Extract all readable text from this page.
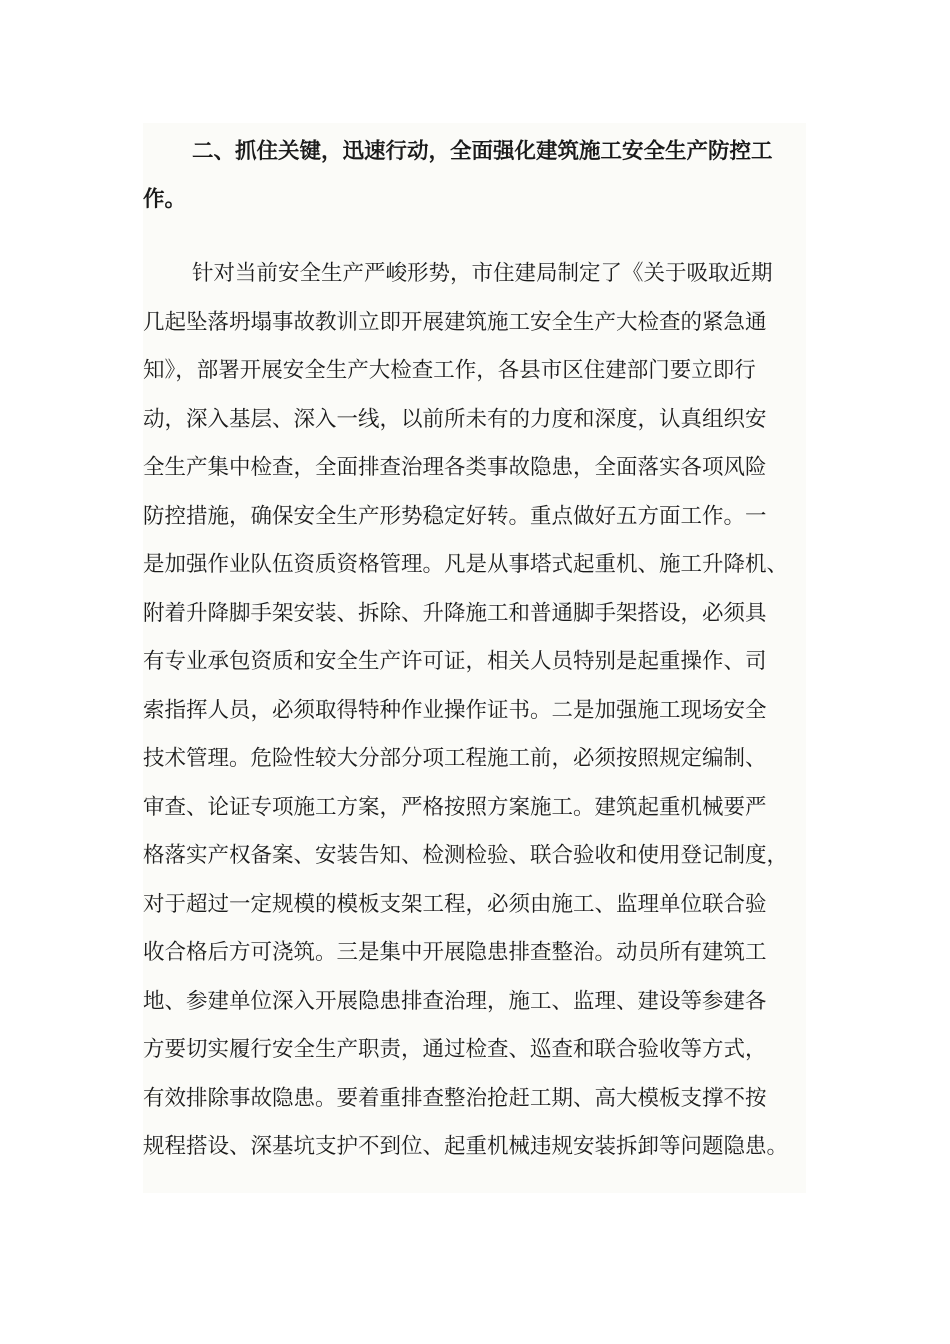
二、抓住关键，迅速行动，全面强化建筑施工安全生产防控工
作。
针对当前安全生产严峻形势，市住建局制定了《关于吸取近期
几起坠落坍塌事故教训立即开展建筑施工安全生产大检查的紧急通
知》，部署开展安全生产大检查工作，各县市区住建部门要立即行
动，深入基层、深入一线，以前所未有的力度和深度，认真组织安
全生产集中检查，全面排查治理各类事故隐患，全面落实各项风险
防控措施，确保安全生产形势稳定好转。重点做好五方面工作。一
是加强作业队伍资质资格管理。凡是从事塔式起重机、施工升降机、
附着升降脚手架安装、拆除、升降施工和普通脚手架搭设，必须具
有专业承包资质和安全生产许可证，相关人员特别是起重操作、司
索指挥人员，必须取得特种作业操作证书。二是加强施工现场安全
技术管理。危险性较大分部分项工程施工前，必须按照规定编制、
审查、论证专项施工方案，严格按照方案施工。建筑起重机械要严
格落实产权备案、安装告知、检测检验、联合验收和使用登记制度，
对于超过一定规模的模板支架工程，必须由施工、监理单位联合验
收合格后方可浇筑。三是集中开展隐患排查整治。动员所有建筑工
地、参建单位深入开展隐患排查治理，施工、监理、建设等参建各
方要切实履行安全生产职责，通过检查、巡查和联合验收等方式，
有效排除事故隐患。要着重排查整治抢赶工期、高大模板支撑不按
规程搭设、深基坑支护不到位、起重机械违规安装拆卸等问题隐患。
